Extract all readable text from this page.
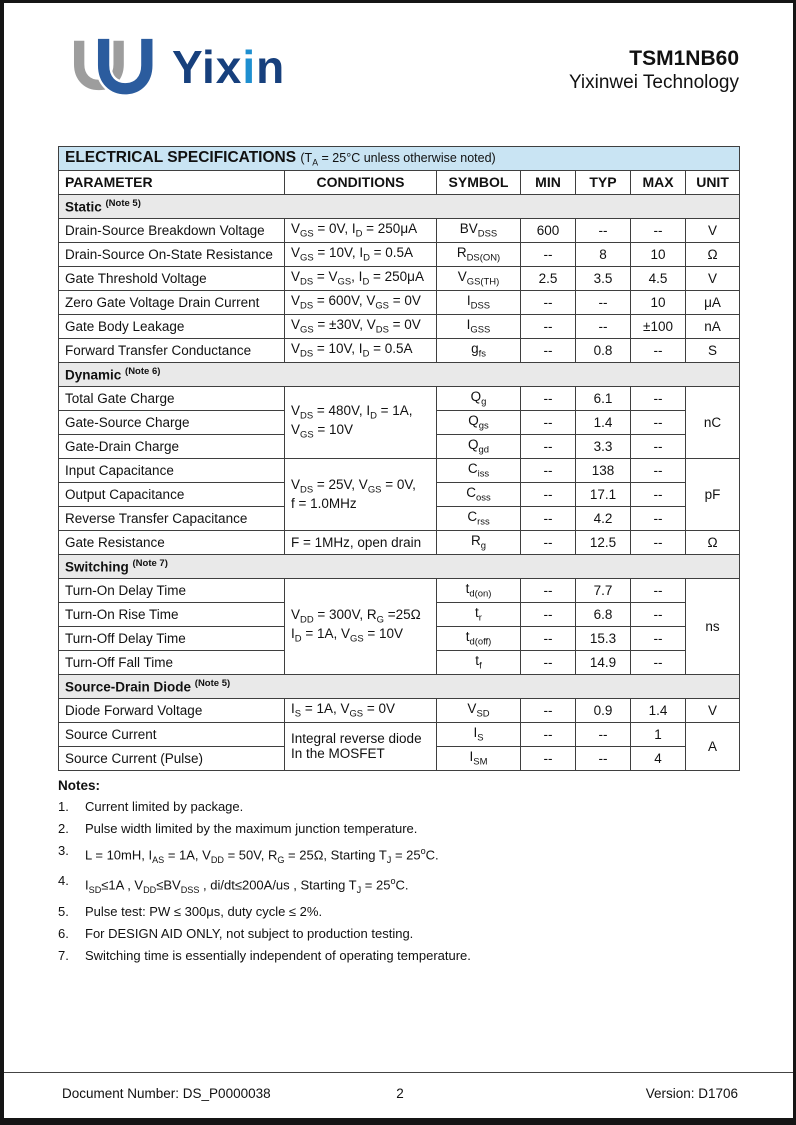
Yixin	TSM1NB60
Yixinwei Technology
ELECTRICAL SPECIFICATIONS ($T_A = 25^\circ C$ unless otherwise noted)						
PARAMETER	CONDITIONS	SYMBOL	MIN	TYP	MAX	UNIT
Static $^{(Note 5)}$
Drain-Source Breakdown Voltage	$V_{GS} = 0V$, $I_D = 250\mu A$	$BV_{DSS}$	600	--	--	V
Drain-Source On-State Resistance	$V_{GS} = 10V$, $I_D = 0.5A$	$R_{DS(ON)}$	--	8	10	Ω
Gate Threshold Voltage	$V_{DS} = V_{GS}$, $I_D = 250\mu A$	$V_{GS(TH)}$	2.5	3.5	4.5	V
Zero Gate Voltage Drain Current	$V_{DS} = 600V$, $V_{GS} = 0V$	$I_{DSS}$	--	--	10	μA
Gate Body Leakage	$V_{GS} = \pm 30V$, $V_{DS} = 0V$	$I_{GSS}$	--	--	±100	nA
Forward Transfer Conductance	$V_{DS} = 10V$, $I_D = 0.5A$	$g_{fs}$	--	0.8	--	S
Dynamic $^{(Note 6)}$
Total Gate Charge	$V_{DS} = 480V$, $I_D = 1A$,
$V_{GS} = 10V$	$Q_g$	--	6.1	--	nC
Gate-Source Charge		$Q_{gs}$	--	1.4	--	
Gate-Drain Charge		$Q_{gd}$	--	3.3	--	
Input Capacitance	$V_{DS} = 25V$, $V_{GS} = 0V$,
f = 1.0MHz	$C_{iss}$	--	138	--	pF
Output Capacitance		$C_{oss}$	--	17.1	--	
Reverse Transfer Capacitance		$C_{rss}$	--	4.2	--	
Gate Resistance	F = 1MHz, open drain	$R_g$	--	12.5	--	Ω
Switching $^{(Note 7)}$
Turn-On Delay Time	$V_{DD} = 300V$, $R_G =25\Omega$
$I_D = 1A$, $V_{GS} = 10V$	$t_{d(on)}$	--	7.7	--	ns
Turn-On Rise Time		$t_r$	--	6.8	--	
Turn-Off Delay Time		$t_{d(off)}$	--	15.3	--	
Turn-Off Fall Time		$t_f$	--	14.9	--	
Source-Drain Diode $^{(Note 5)}$
Diode Forward Voltage	$I_S = 1A$, $V_{GS} = 0V$	$V_{SD}$	--	0.9	1.4	V
Source Current	Integral reverse diode
In the MOSFET	$I_S$	--	--	1	A
Source Current (Pulse)		$I_{SM}$	--	--	4	
Notes:
1.	Current limited by package.
2.	Pulse width limited by the maximum junction temperature.
3.	L = 10mH, $I_{AS} = 1A$, $V_{DD} = 50V$, $R_G = 25\Omega$, Starting $T_J = 25^oC$.
4.	$I_{SD}\le 1A$ , $V_{DD}\le BV_{DSS}$ , di/dt≤200A/us , Starting $T_J = 25^oC$.
5.	Pulse test: PW ≤ 300μs, duty cycle ≤ 2%.
6.	For DESIGN AID ONLY, not subject to production testing.
7.	Switching time is essentially independent of operating temperature.
Document Number: DS_P0000038	2	Version: D1706
